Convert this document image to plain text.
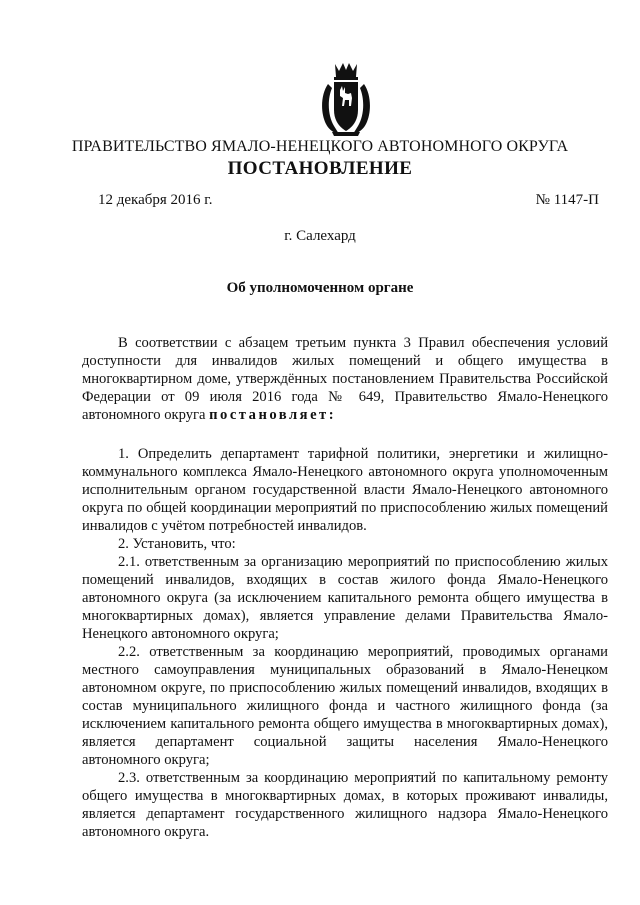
ПРАВИТЕЛЬСТВО ЯМАЛО-НЕНЕЦКОГО АВТОНОМНОГО ОКРУГА
ПОСТАНОВЛЕНИЕ
12 декабря 2016 г.	№ 1147-П
г. Салехард
Об уполномоченном органе

В соответствии с абзацем третьим пункта 3 Правил обеспечения условий доступности для инвалидов жилых помещений и общего имущества в многоквартирном доме, утверждённых постановлением Правительства Российской Федерации от 09 июля 2016 года № 649, Правительство Ямало-Ненецкого автономного округа постановляет:

1. Определить департамент тарифной политики, энергетики и жилищно-коммунального комплекса Ямало-Ненецкого автономного округа уполномоченным исполнительным органом государственной власти Ямало-Ненецкого автономного округа по общей координации мероприятий по приспособлению жилых помещений инвалидов с учётом потребностей инвалидов.

2. Установить, что:

2.1. ответственным за организацию мероприятий по приспособлению жилых помещений инвалидов, входящих в состав жилого фонда Ямало-Ненецкого автономного округа (за исключением капитального ремонта общего имущества в многоквартирных домах), является управление делами Правительства Ямало-Ненецкого автономного округа;

2.2. ответственным за координацию мероприятий, проводимых органами местного самоуправления муниципальных образований в Ямало-Ненецком автономном округе, по приспособлению жилых помещений инвалидов, входящих в состав муниципального жилищного фонда и частного жилищного фонда (за исключением капитального ремонта общего имущества в многоквартирных домах), является департамент социальной защиты населения Ямало-Ненецкого автономного округа;

2.3. ответственным за координацию мероприятий по капитальному ремонту общего имущества в многоквартирных домах, в которых проживают инвалиды, является департамент государственного жилищного надзора Ямало-Ненецкого автономного округа.
